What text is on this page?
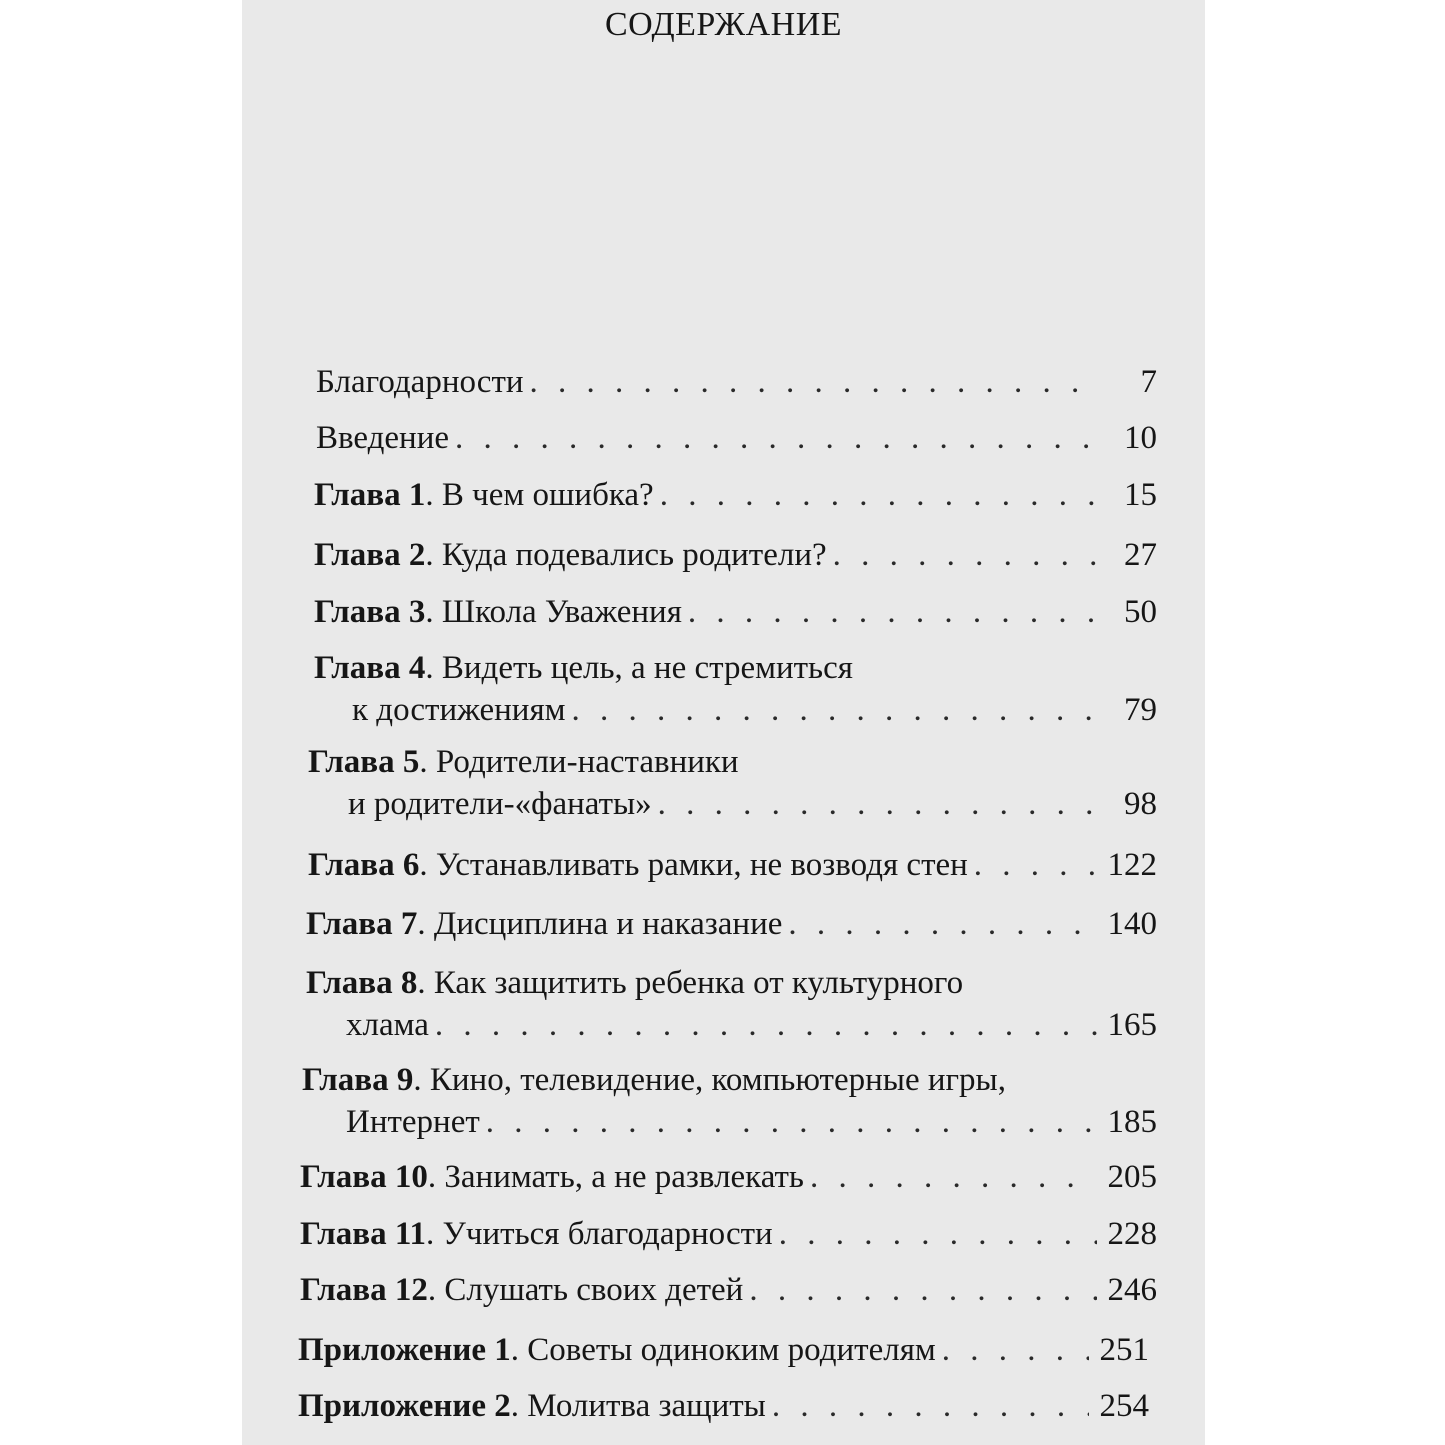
СОДЕРЖАНИЕ
Благодарности . . .	7
Введение . . .	10
Глава 1 . В чем ошибка? . . .	15
Глава 2 . Куда подевались родители? . . .	27
Глава 3 . Школа Уважения . . .	50
Глава 4. Видеть цель, а не стремиться
к достижениям . . .	79
Глава 5. Родители-наставники
и родители-«фанаты» . . .	98
Глава 6 . Устанавливать рамки, не возводя стен . . .	122
Глава 7 . Дисциплина и наказание . . .	140
Глава 8. Как защитить ребенка от культурного
хлама . . .	165
Глава 9. Кино, телевидение, компьютерные игры,
Интернет . . .	185
Глава 10 . Занимать, а не развлекать . . .	205
Глава 11 . Учиться благодарности . . .	228
Глава 12 . Слушать своих детей . . .	246
Приложение 1 . Советы одиноким родителям . . .	251
Приложение 2 . Молитва защиты . . .	254
